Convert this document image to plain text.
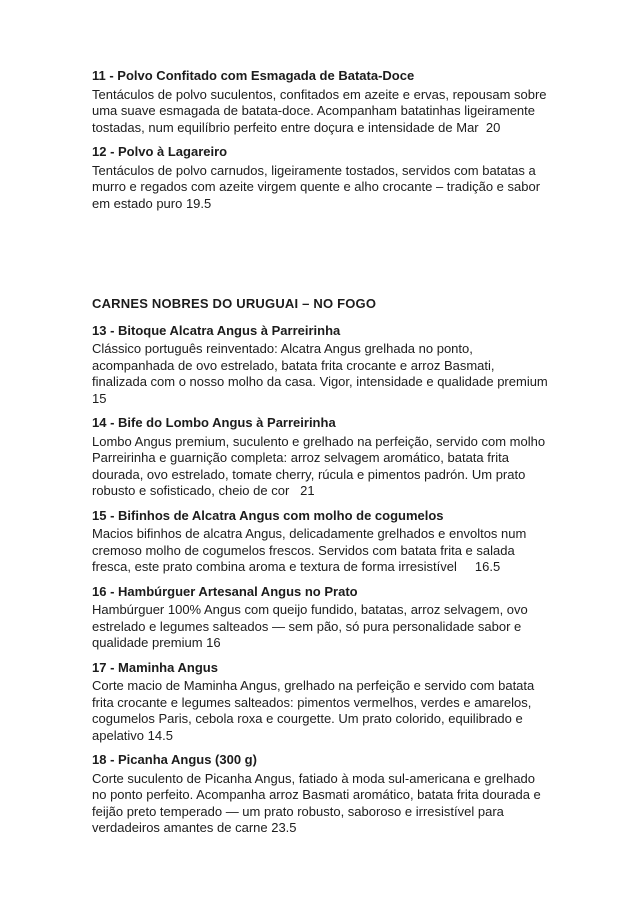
11 - Polvo Confitado com Esmagada de Batata-Doce

Tentáculos de polvo suculentos, confitados em azeite e ervas, repousam sobre uma suave esmagada de batata-doce. Acompanham batatinhas ligeiramente tostadas, num equilíbrio perfeito entre doçura e intensidade de Mar  20

12 - Polvo à Lagareiro

Tentáculos de polvo carnudos, ligeiramente tostados, servidos com batatas a murro e regados com azeite virgem quente e alho crocante – tradição e sabor em estado puro 19.5

CARNES NOBRES DO URUGUAI – NO FOGO
13 - Bitoque Alcatra Angus à Parreirinha

Clássico português reinventado: Alcatra Angus grelhada no ponto, acompanhada de ovo estrelado, batata frita crocante e arroz Basmati, finalizada com o nosso molho da casa. Vigor, intensidade e qualidade premium   15

14 - Bife do Lombo Angus à Parreirinha

Lombo Angus premium, suculento e grelhado na perfeição, servido com molho Parreirinha e guarnição completa: arroz selvagem aromático, batata frita dourada, ovo estrelado, tomate cherry, rúcula e pimentos padrón. Um prato robusto e sofisticado, cheio de cor   21

15 - Bifinhos de Alcatra Angus com molho de cogumelos

Macios bifinhos de alcatra Angus, delicadamente grelhados e envoltos num cremoso molho de cogumelos frescos. Servidos com batata frita e salada fresca, este prato combina aroma e textura de forma irresistível     16.5

16 - Hambúrguer Artesanal Angus no Prato

Hambúrguer 100% Angus com queijo fundido, batatas, arroz selvagem, ovo estrelado e legumes salteados — sem pão, só pura personalidade sabor e qualidade premium 16

17 - Maminha Angus

Corte macio de Maminha Angus, grelhado na perfeição e servido com batata frita crocante e legumes salteados: pimentos vermelhos, verdes e amarelos, cogumelos Paris, cebola roxa e courgette. Um prato colorido, equilibrado e apelativo 14.5

18 - Picanha Angus (300 g)

Corte suculento de Picanha Angus, fatiado à moda sul-americana e grelhado no ponto perfeito. Acompanha arroz Basmati aromático, batata frita dourada e feijão preto temperado — um prato robusto, saboroso e irresistível para verdadeiros amantes de carne 23.5
